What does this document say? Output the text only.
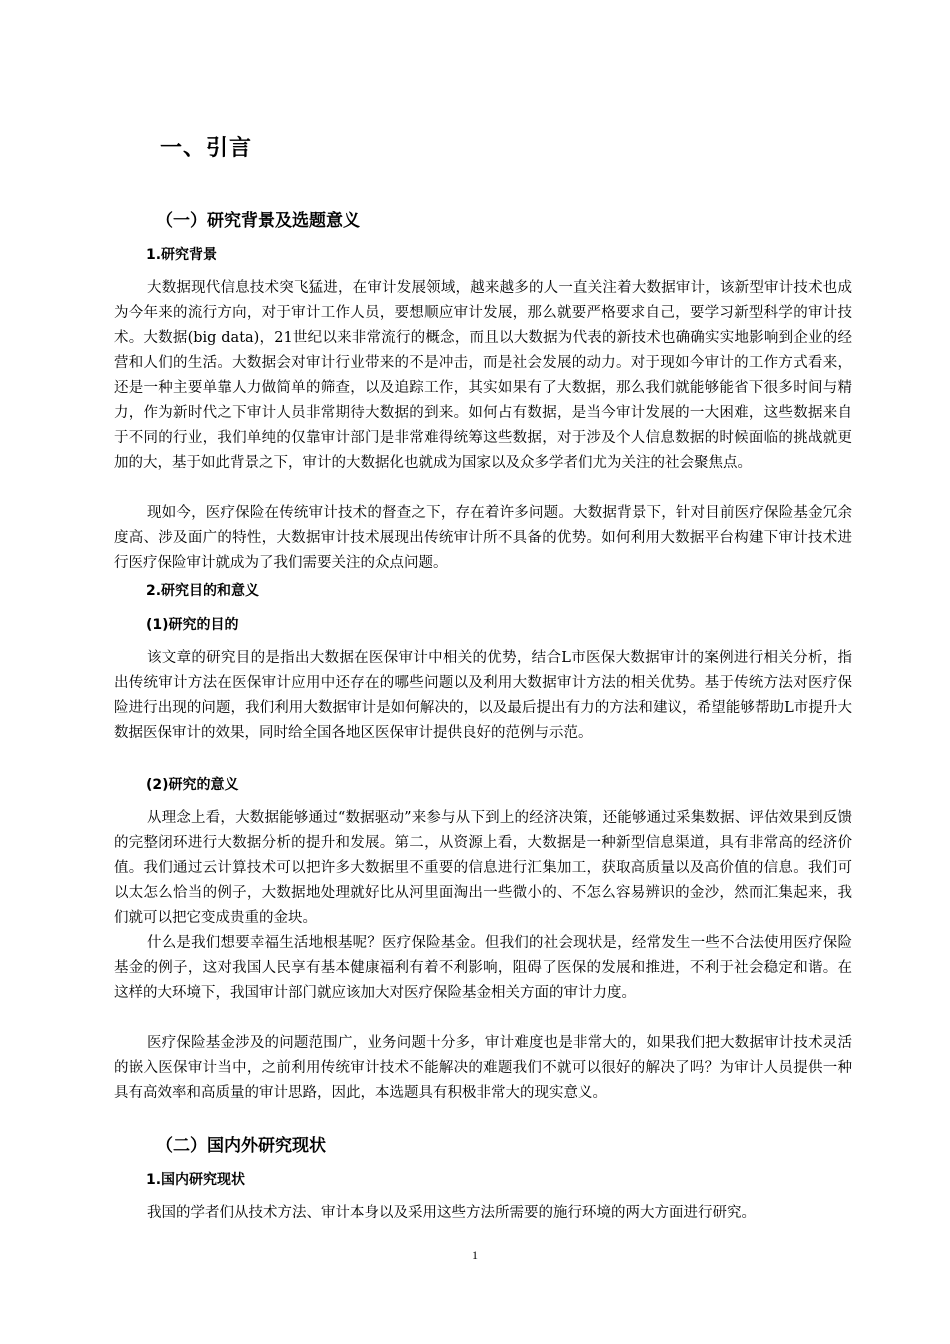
一、引言
（一）研究背景及选题意义
1.研究背景

大数据现代信息技术突飞猛进，在审计发展领域，越来越多的人一直关注着大数据审计，该新型审计技术也成为今年来的流行方向，对于审计工作人员，要想顺应审计发展，那么就要严格要求自己，要学习新型科学的审计技术。大数据(big data)，21世纪以来非常流行的概念，而且以大数据为代表的新技术也确确实实地影响到企业的经营和人们的生活。大数据会对审计行业带来的不是冲击，而是社会发展的动力。对于现如今审计的工作方式看来，还是一种主要单靠人力做简单的筛查，以及追踪工作，其实如果有了大数据，那么我们就能够能省下很多时间与精力，作为新时代之下审计人员非常期待大数据的到来。如何占有数据，是当今审计发展的一大困难，这些数据来自于不同的行业，我们单纯的仅靠审计部门是非常难得统筹这些数据，对于涉及个人信息数据的时候面临的挑战就更加的大，基于如此背景之下，审计的大数据化也就成为国家以及众多学者们尤为关注的社会聚焦点。

现如今，医疗保险在传统审计技术的督查之下，存在着许多问题。大数据背景下，针对目前医疗保险基金冗余度高、涉及面广的特性，大数据审计技术展现出传统审计所不具备的优势。如何利用大数据平台构建下审计技术进行医疗保险审计就成为了我们需要关注的众点问题。

2.研究目的和意义
(1)研究的目的

该文章的研究目的是指出大数据在医保审计中相关的优势，结合L市医保大数据审计的案例进行相关分析，指出传统审计方法在医保审计应用中还存在的哪些问题以及利用大数据审计方法的相关优势。基于传统方法对医疗保险进行出现的问题，我们利用大数据审计是如何解决的，以及最后提出有力的方法和建议，希望能够帮助L市提升大数据医保审计的效果，同时给全国各地区医保审计提供良好的范例与示范。

(2)研究的意义

从理念上看，大数据能够通过“数据驱动”来参与从下到上的经济决策，还能够通过采集数据、评估效果到反馈的完整闭环进行大数据分析的提升和发展。第二，从资源上看，大数据是一种新型信息渠道，具有非常高的经济价值。我们通过云计算技术可以把许多大数据里不重要的信息进行汇集加工，获取高质量以及高价值的信息。我们可以太怎么恰当的例子，大数据地处理就好比从河里面淘出一些微小的、不怎么容易辨识的金沙，然而汇集起来，我们就可以把它变成贵重的金块。

什么是我们想要幸福生活地根基呢？医疗保险基金。但我们的社会现状是，经常发生一些不合法使用医疗保险基金的例子，这对我国人民享有基本健康福利有着不利影响，阻碍了医保的发展和推进，不利于社会稳定和谐。在这样的大环境下，我国审计部门就应该加大对医疗保险基金相关方面的审计力度。

医疗保险基金涉及的问题范围广，业务问题十分多，审计难度也是非常大的，如果我们把大数据审计技术灵活的嵌入医保审计当中，之前利用传统审计技术不能解决的难题我们不就可以很好的解决了吗？为审计人员提供一种具有高效率和高质量的审计思路，因此，本选题具有积极非常大的现实意义。

（二）国内外研究现状
1.国内研究现状

我国的学者们从技术方法、审计本身以及采用这些方法所需要的施行环境的两大方面进行研究。

1
